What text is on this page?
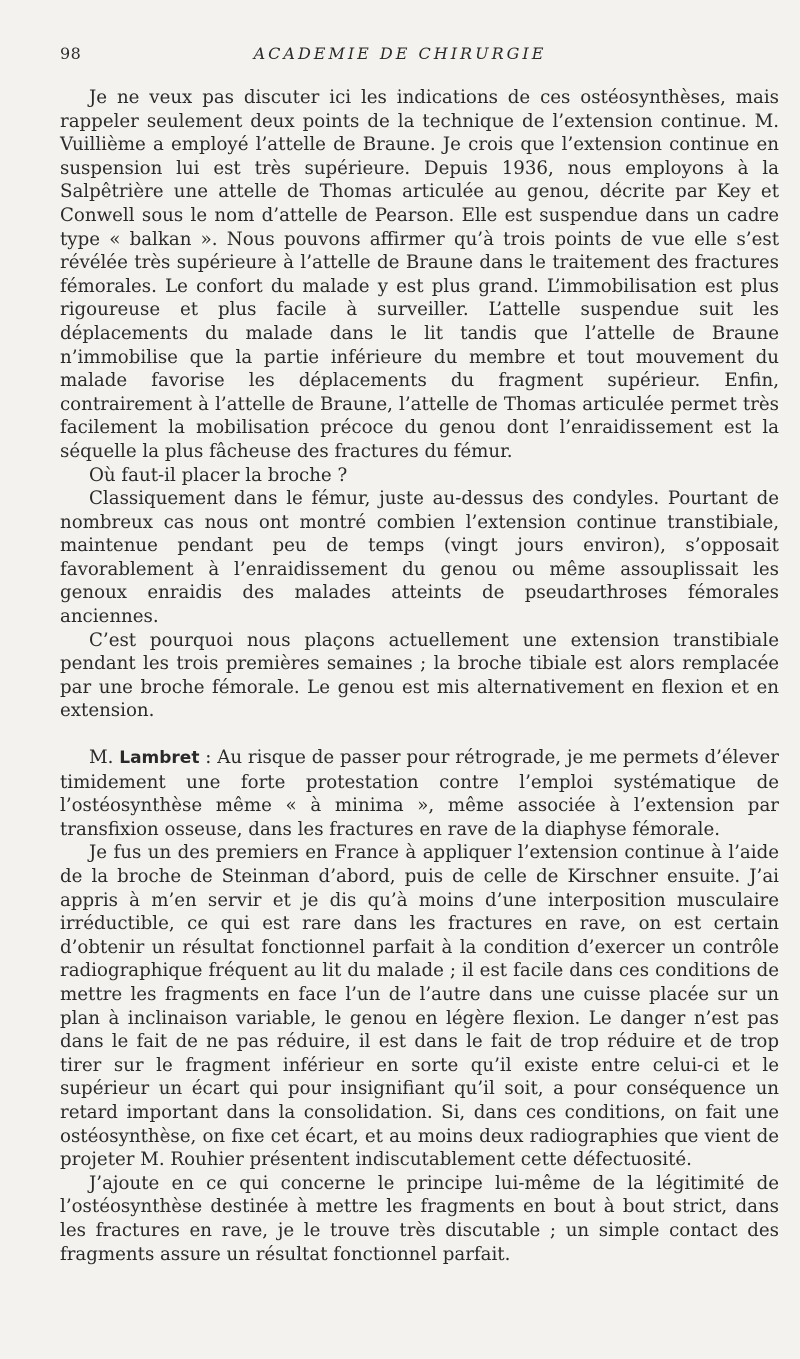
98	ACADEMIE DE CHIRURGIE

Je ne veux pas discuter ici les indications de ces ostéosynthèses, mais rappeler seulement deux points de la technique de l’extension continue. M. Vuillième a employé l’attelle de Braune. Je crois que l’extension continue en suspension lui est très supérieure. Depuis 1936, nous employons à la Salpêtrière une attelle de Thomas articulée au genou, décrite par Key et Conwell sous le nom d’attelle de Pearson. Elle est suspendue dans un cadre type « balkan ». Nous pouvons affirmer qu’à trois points de vue elle s’est révélée très supérieure à l’attelle de Braune dans le traitement des fractures fémorales. Le confort du malade y est plus grand. L’immobilisation est plus rigoureuse et plus facile à surveiller. L’attelle suspendue suit les déplacements du malade dans le lit tandis que l’attelle de Braune n’immobilise que la partie inférieure du membre et tout mouvement du malade favorise les déplacements du fragment supérieur. Enfin, contrairement à l’attelle de Braune, l’attelle de Thomas articulée permet très facilement la mobilisation précoce du genou dont l’enraidissement est la séquelle la plus fâcheuse des fractures du fémur.

Où faut-il placer la broche ?

Classiquement dans le fémur, juste au-dessus des condyles. Pourtant de nombreux cas nous ont montré combien l’extension continue transtibiale, maintenue pendant peu de temps (vingt jours environ), s’opposait favorablement à l’enraidissement du genou ou même assouplissait les genoux enraidis des malades atteints de pseudarthroses fémorales anciennes.

C’est pourquoi nous plaçons actuellement une extension transtibiale pendant les trois premières semaines ; la broche tibiale est alors remplacée par une broche fémorale. Le genou est mis alternativement en flexion et en extension.

M. Lambret : Au risque de passer pour rétrograde, je me permets d’élever timidement une forte protestation contre l’emploi systématique de l’ostéosynthèse même « à minima », même associée à l’extension par transfixion osseuse, dans les fractures en rave de la diaphyse fémorale.

Je fus un des premiers en France à appliquer l’extension continue à l’aide de la broche de Steinman d’abord, puis de celle de Kirschner ensuite. J’ai appris à m’en servir et je dis qu’à moins d’une interposition musculaire irréductible, ce qui est rare dans les fractures en rave, on est certain d’obtenir un résultat fonctionnel parfait à la condition d’exercer un contrôle radiographique fréquent au lit du malade ; il est facile dans ces conditions de mettre les fragments en face l’un de l’autre dans une cuisse placée sur un plan à inclinaison variable, le genou en légère flexion. Le danger n’est pas dans le fait de ne pas réduire, il est dans le fait de trop réduire et de trop tirer sur le fragment inférieur en sorte qu’il existe entre celui-ci et le supérieur un écart qui pour insignifiant qu’il soit, a pour conséquence un retard important dans la consolidation. Si, dans ces conditions, on fait une ostéosynthèse, on fixe cet écart, et au moins deux radiographies que vient de projeter M. Rouhier présentent indiscutablement cette défectuosité.

J’ajoute en ce qui concerne le principe lui-même de la légitimité de l’ostéosynthèse destinée à mettre les fragments en bout à bout strict, dans les fractures en rave, je le trouve très discutable ; un simple contact des fragments assure un résultat fonctionnel parfait.
